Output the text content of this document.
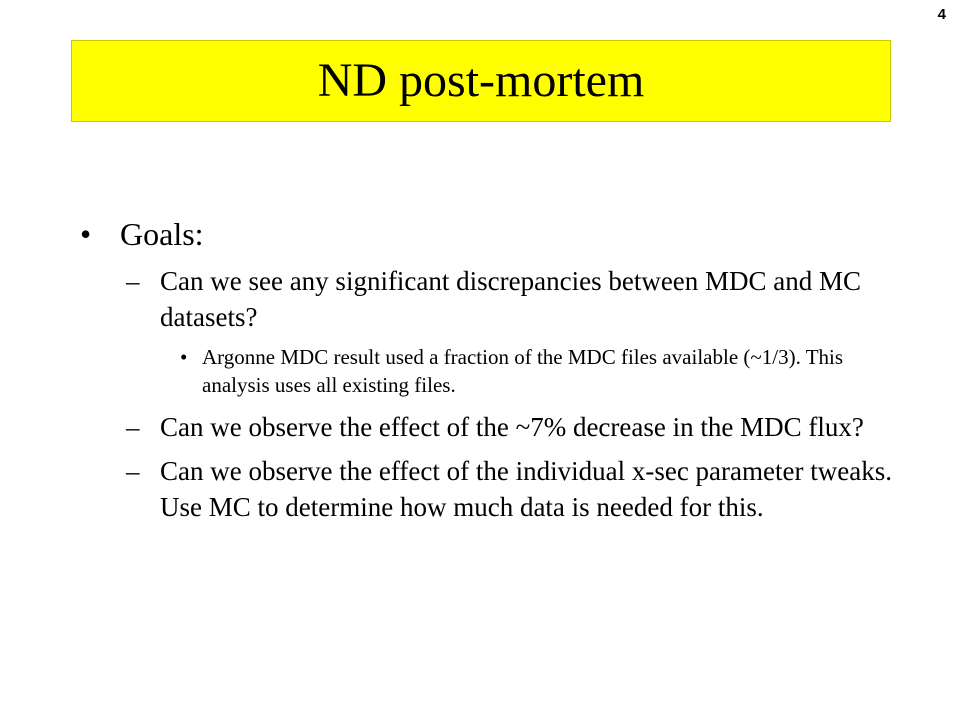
4
ND post-mortem
• Goals:
– Can we see any significant discrepancies between MDC and MC datasets?
• Argonne MDC result used a fraction of the MDC files available (~1/3). This analysis uses all existing files.
– Can we observe the effect of the ~7% decrease in the MDC flux?
– Can we observe the effect of the individual x-sec parameter tweaks. Use MC to determine how much data is needed for this.
